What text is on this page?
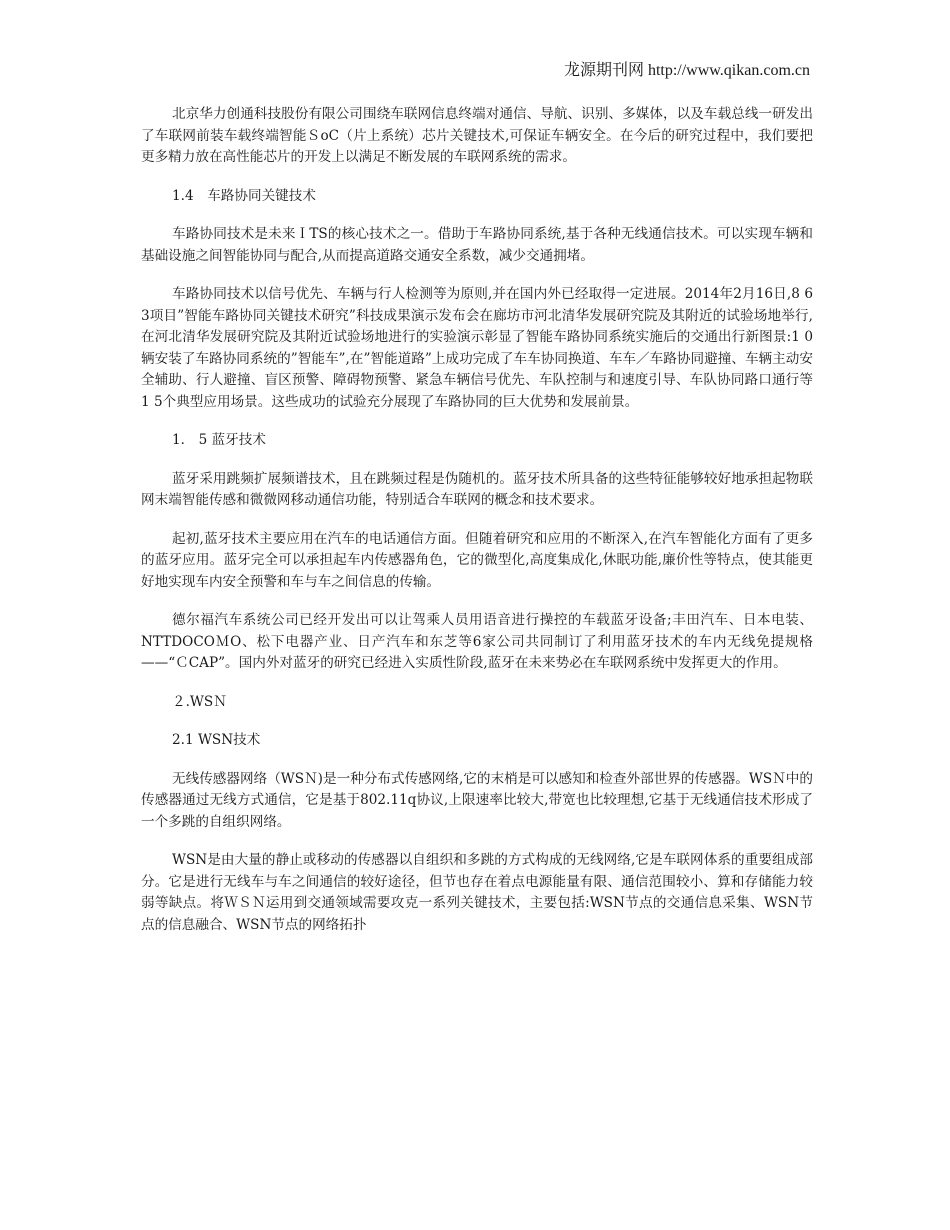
龙源期刊网 http://www.qikan.com.cn

北京华力创通科技股份有限公司围绕车联网信息终端对通信、导航、识别、多媒体，以及车载总线一研发出了车联网前装车载终端智能ＳoC（片上系统）芯片关键技术,可保证车辆安全。在今后的研究过程中，我们要把更多精力放在高性能芯片的开发上以满足不断发展的车联网系统的需求。

1.4　车路协同关键技术

车路协同技术是未来ＩTS的核心技术之一。借助于车路协同系统,基于各种无线通信技术。可以实现车辆和基础设施之间智能协同与配合,从而提高道路交通安全系数，减少交通拥堵。

车路协同技术以信号优先、车辆与行人检测等为原则,并在国内外已经取得一定进展。2014年2月16日,8 6 3项目”智能车路协同关键技术研究”科技成果演示发布会在廊坊市河北清华发展研究院及其附近的试验场地举行,在河北清华发展研究院及其附近试验场地进行的实验演示彰显了智能车路协同系统实施后的交通出行新图景:1 0辆安装了车路协同系统的”智能车”,在”智能道路”上成功完成了车车协同换道、车车／车路协同避撞、车辆主动安全辅助、行人避撞、盲区预警、障碍物预警、紧急车辆信号优先、车队控制与和速度引导、车队协同路口通行等1 5个典型应用场景。这些成功的试验充分展现了车路协同的巨大优势和发展前景。

1． 5 蓝牙技术

蓝牙采用跳频扩展频谱技术，且在跳频过程是伪随机的。蓝牙技术所具备的这些特征能够较好地承担起物联网末端智能传感和微微网移动通信功能，特别适合车联网的概念和技术要求。

起初,蓝牙技术主要应用在汽车的电话通信方面。但随着研究和应用的不断深入,在汽车智能化方面有了更多的蓝牙应用。蓝牙完全可以承担起车内传感器角色，它的微型化,高度集成化,休眠功能,廉价性等特点，使其能更好地实现车内安全预警和车与车之间信息的传输。

德尔福汽车系统公司已经开发出可以让驾乘人员用语音进行操控的车载蓝牙设备;丰田汽车、日本电装、NTTDOCOＭO、松下电器产业、日产汽车和东芝等6家公司共同制订了利用蓝牙技术的车内无线免提规格——“ＣCAP”。国内外对蓝牙的研究已经进入实质性阶段,蓝牙在未来势必在车联网系统中发挥更大的作用。

２.WSＮ

2.1 WSN技术

无线传感器网络（WSＮ)是一种分布式传感网络,它的末梢是可以感知和检查外部世界的传感器。WSＮ中的传感器通过无线方式通信，它是基于802.11q协议,上限速率比较大,带宽也比较理想,它基于无线通信技术形成了一个多跳的自组织网络。

WSN是由大量的静止或移动的传感器以自组织和多跳的方式构成的无线网络,它是车联网体系的重要组成部分。它是进行无线车与车之间通信的较好途径，但节也存在着点电源能量有限、通信范围较小、算和存储能力较弱等缺点。将ＷＳＮ运用到交通领域需要攻克一系列关键技术，主要包括:WSN节点的交通信息采集、WSN节点的信息融合、WSN节点的网络拓扑
